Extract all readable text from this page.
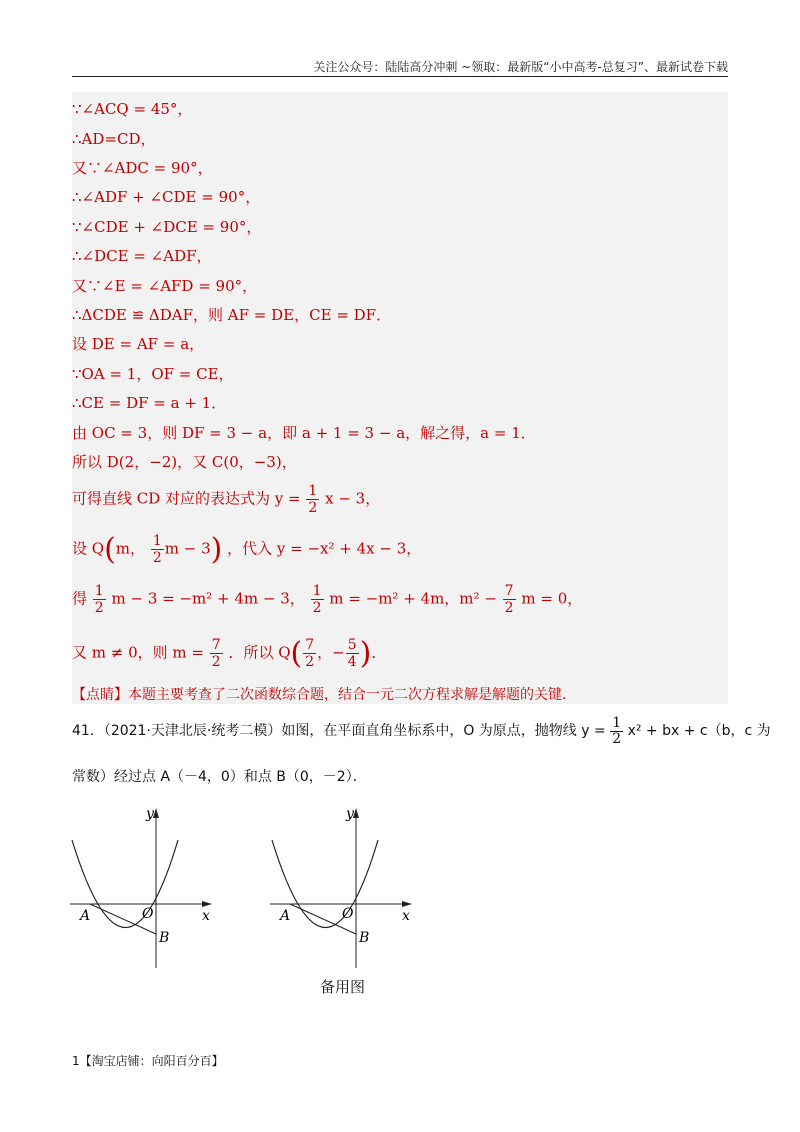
关注公众号：陆陆高分冲刺 ~领取：最新版“小中高考-总复习”、最新试卷下载
∵∠ACQ = 45°，
∴AD=CD，
又∵∠ADC = 90°，
∴∠ADF + ∠CDE = 90°，
∵∠CDE + ∠DCE = 90°，
∴∠DCE = ∠ADF，
又∵∠E = ∠AFD = 90°，
∴ΔCDE ≌ ΔDAF，则 AF = DE，CE = DF．
设 DE = AF = a，
∵OA = 1，OF = CE，
∴CE = DF = a + 1．
由 OC = 3，则 DF = 3 − a，即 a + 1 = 3 − a，解之得，a = 1．
所以 D(2，−2)，又 C(0，−3)，
可得直线 CD 对应的表达式为 $y = \frac{1}{2}$ x − 3，
设 Q(m， $\frac{1}{2}$ m − 3) ，代入 y = −x² + 4x − 3，
得 $\frac{1}{2}$ m − 3 = −m² + 4m − 3， $\frac{1}{2}$ m = −m² + 4m，$m^2 - \frac{7}{2}$ m = 0，
又 m ≠ 0，则 $m = \frac{7}{2}$ ．所以 $Q( \frac{7}{2}$ ，− $\frac{5}{4}$ )．
【点睛】本题主要考查了二次函数综合题，结合一元二次方程求解是解题的关键．
41．（2021·天津北辰·统考二模）如图，在平面直角坐标系中，O 为原点，抛物线 $y = \frac{1}{2} x^2$ + bx + c（b，c 为
常数）经过点 A（－4，0）和点 B（0，－2）．
y
x
O
A
B
y
x
O
A
B
备用图
1【淘宝店铺：向阳百分百】
